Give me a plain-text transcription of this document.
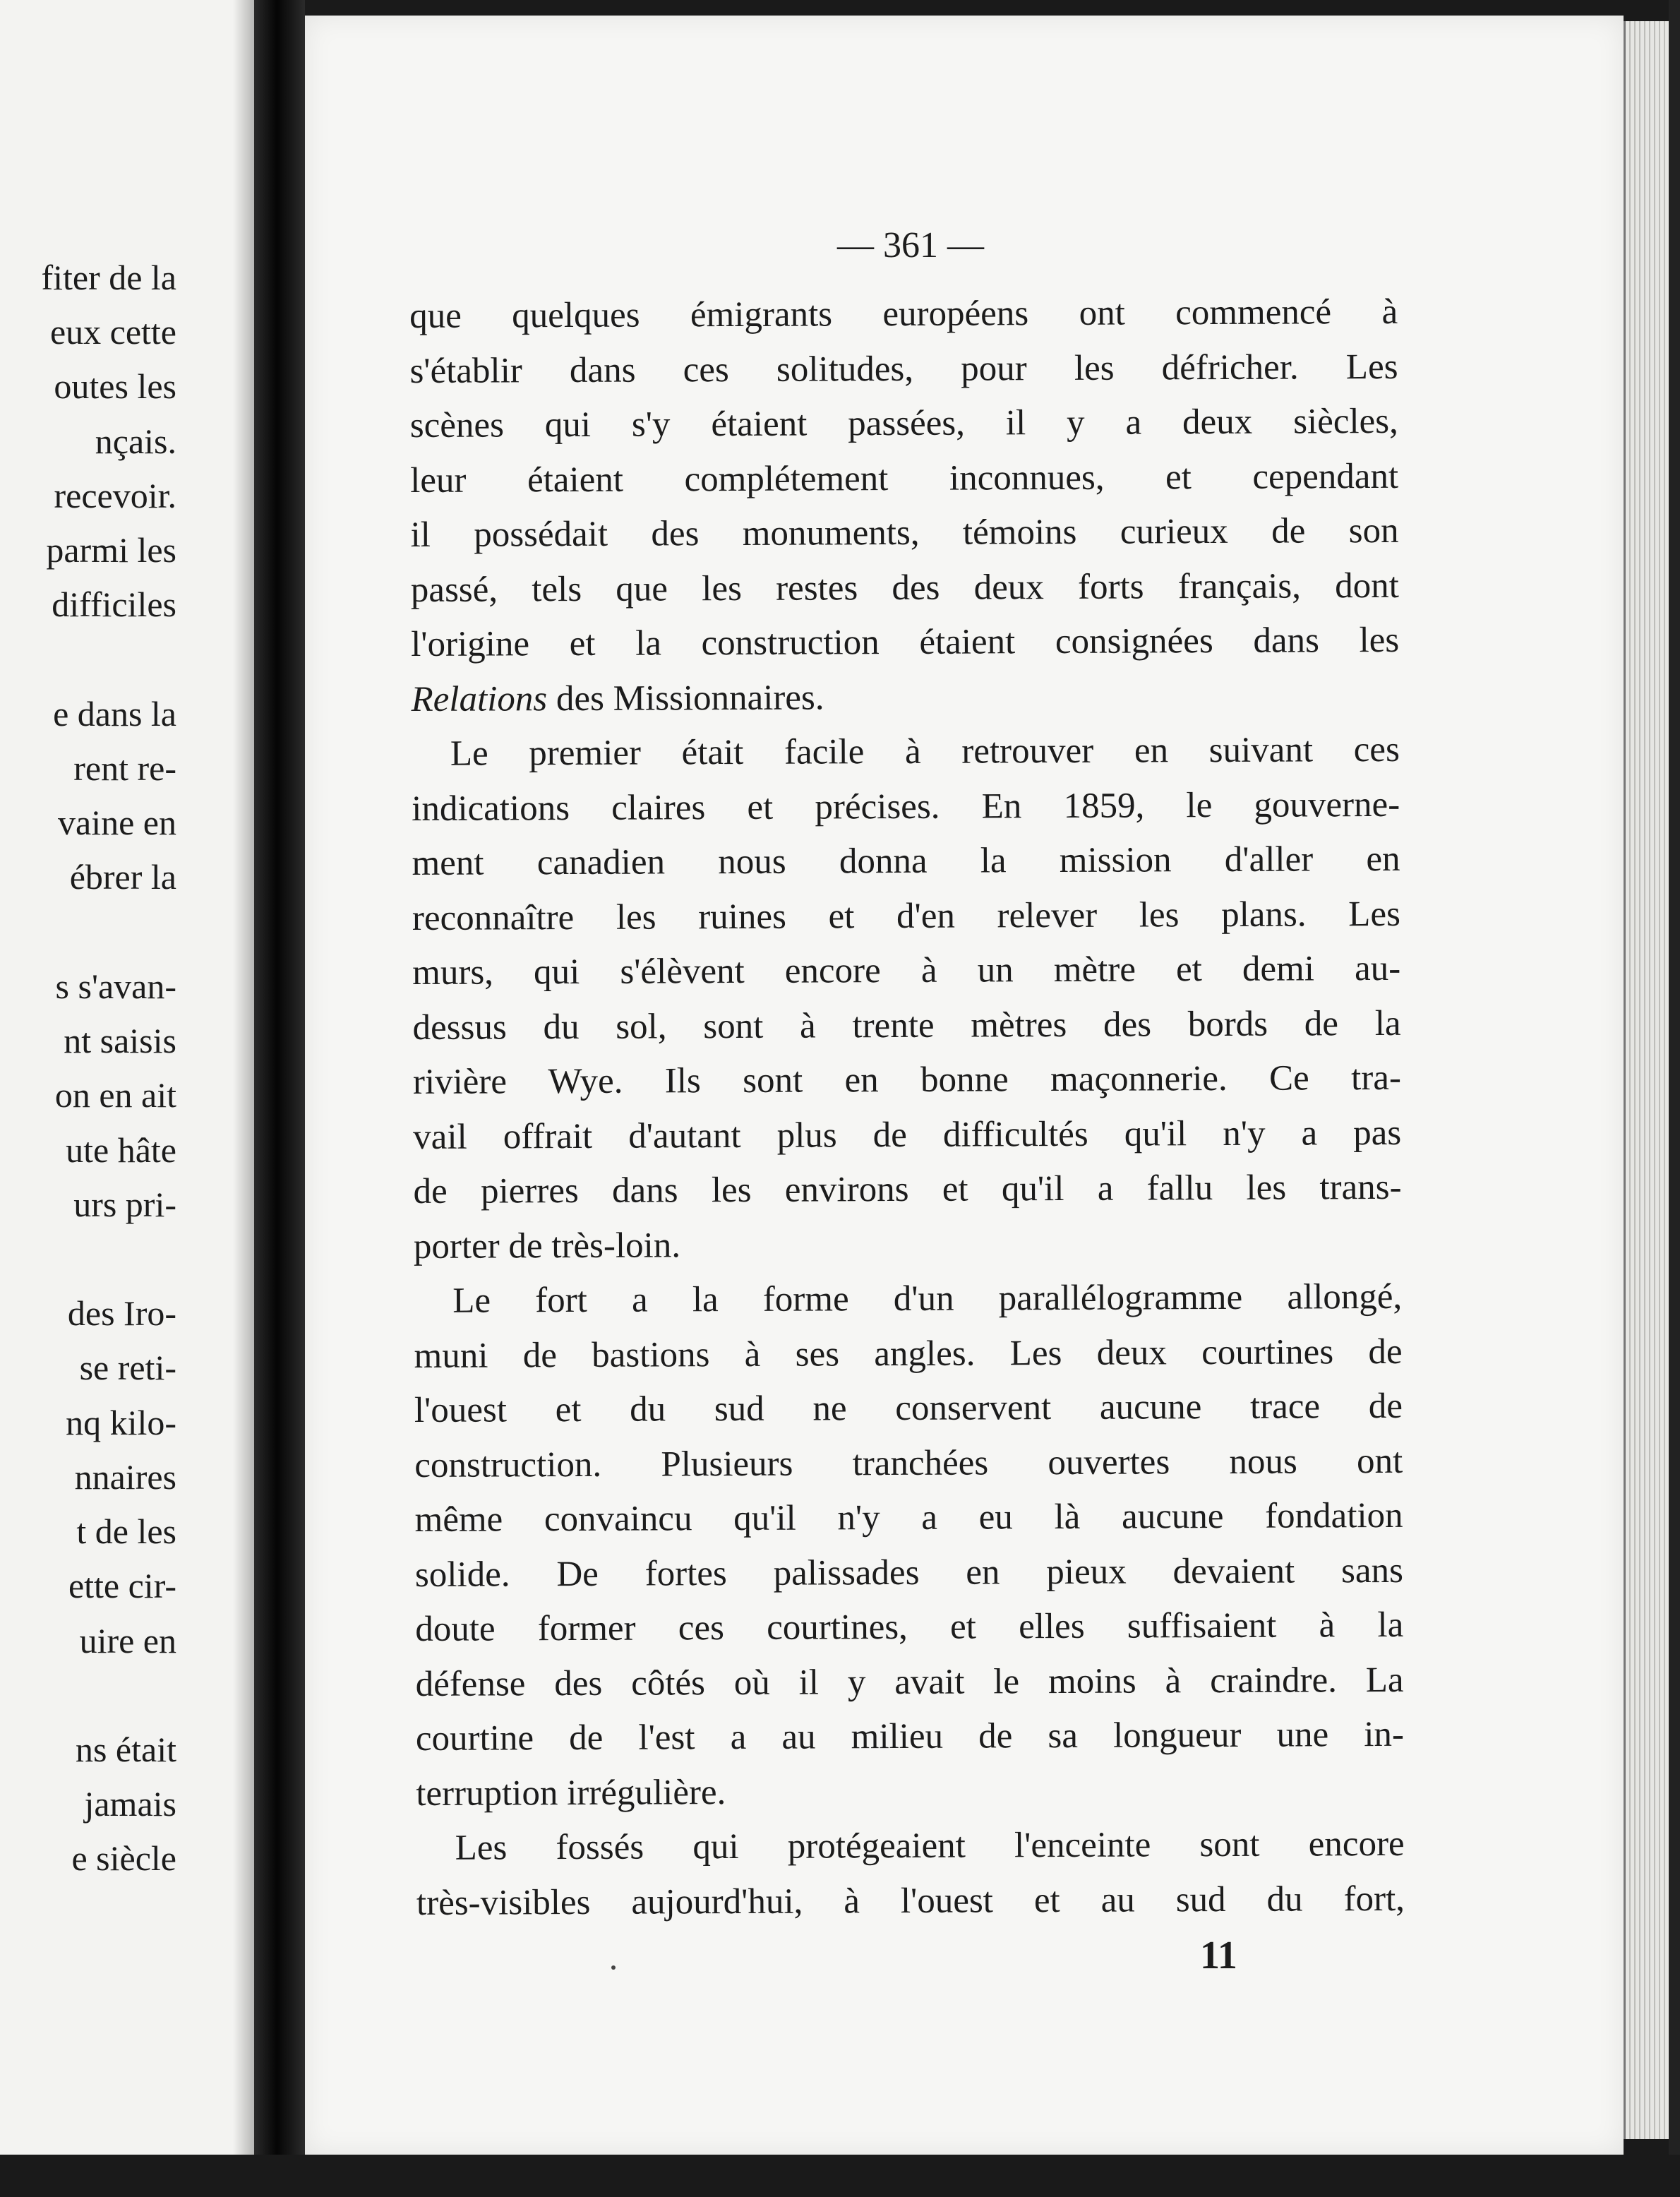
fiter de la
eux cette
outes les
nçais.
recevoir.
parmi les
difficiles
e dans la
rent re-
vaine en
ébrer la
s s'avan-
nt saisis
on en ait
ute hâte
urs pri-
des Iro-
se reti-
nq kilo-
nnaires
t de les
ette cir-
uire en
ns était
jamais
e siècle
— 361 —
que quelques émigrants européens ont commencé à
s'établir dans ces solitudes, pour les défricher. Les
scènes qui s'y étaient passées, il y a deux siècles,
leur étaient complétement inconnues, et cependant
il possédait des monuments, témoins curieux de son
passé, tels que les restes des deux forts français, dont
l'origine et la construction étaient consignées dans les
Relations des Missionnaires.
Le premier était facile à retrouver en suivant ces
indications claires et précises. En 1859, le gouverne-
ment canadien nous donna la mission d'aller en
reconnaître les ruines et d'en relever les plans. Les
murs, qui s'élèvent encore à un mètre et demi au-
dessus du sol, sont à trente mètres des bords de la
rivière Wye. Ils sont en bonne maçonnerie. Ce tra-
vail offrait d'autant plus de difficultés qu'il n'y a pas
de pierres dans les environs et qu'il a fallu les trans-
porter de très-loin.
Le fort a la forme d'un parallélogramme allongé,
muni de bastions à ses angles. Les deux courtines de
l'ouest et du sud ne conservent aucune trace de
construction. Plusieurs tranchées ouvertes nous ont
même convaincu qu'il n'y a eu là aucune fondation
solide. De fortes palissades en pieux devaient sans
doute former ces courtines, et elles suffisaient à la
défense des côtés où il y avait le moins à craindre. La
courtine de l'est a au milieu de sa longueur une in-
terruption irrégulière.
Les fossés qui protégeaient l'enceinte sont encore
très-visibles aujourd'hui, à l'ouest et au sud du fort,
11
